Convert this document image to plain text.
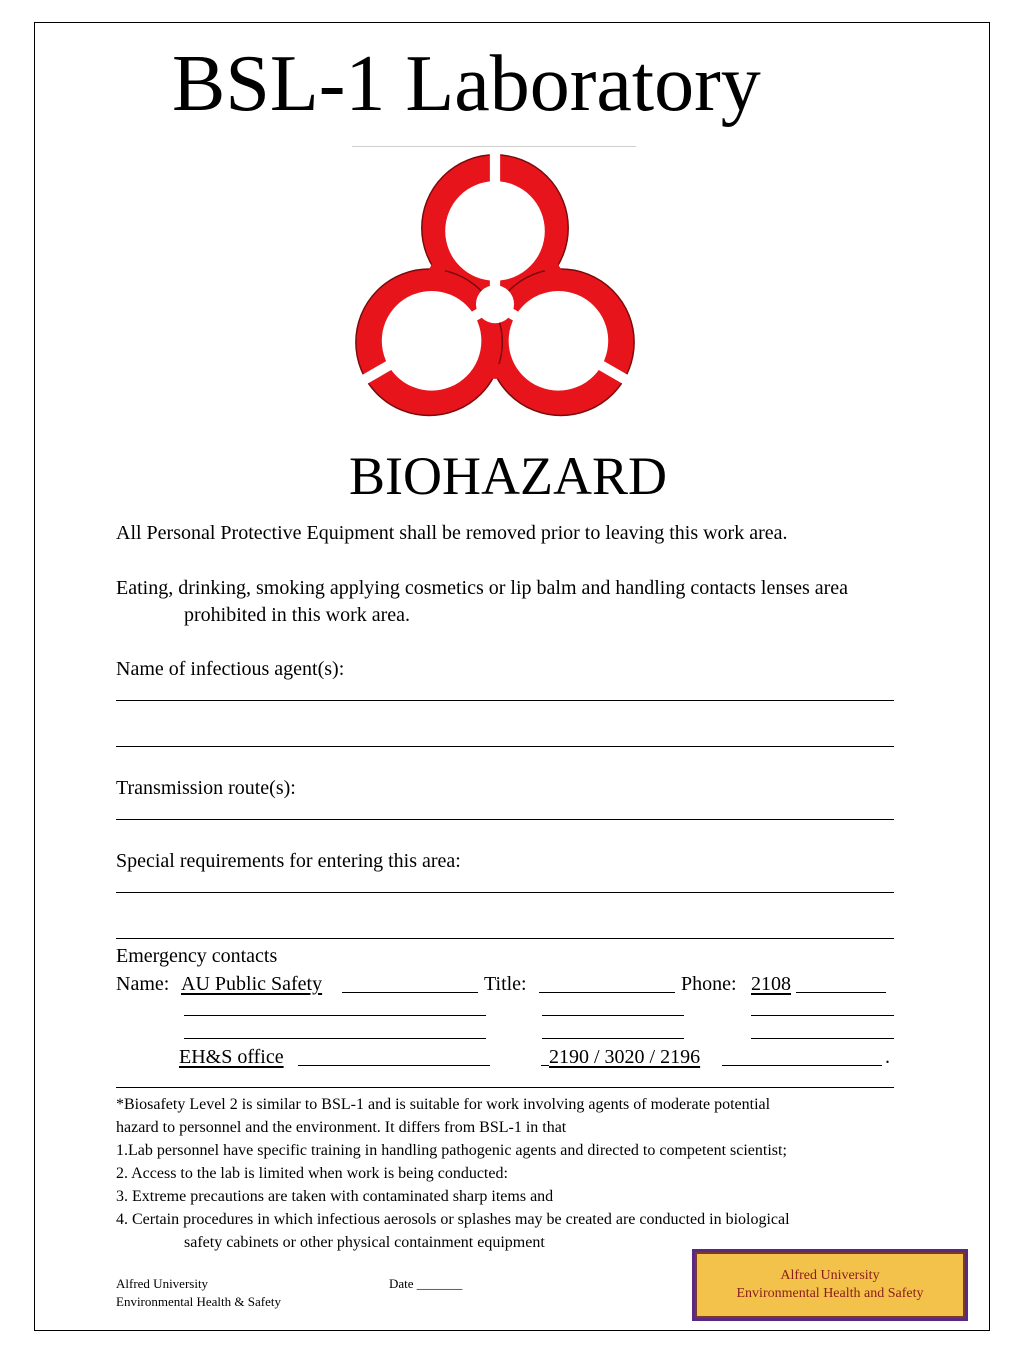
BSL-1 Laboratory
BIOHAZARD
All Personal Protective Equipment shall be removed prior to leaving this work area.
Eating, drinking, smoking applying cosmetics or lip balm and handling contacts lenses area
prohibited in this work area.
Name of infectious agent(s):
Transmission route(s):
Special requirements for entering this area:
Emergency contacts
Name: AU Public Safety	Title:	Phone: 2108
EH&S office	2190 / 3020 / 2196	.
*Biosafety Level 2 is similar to BSL-1 and is suitable for work involving agents of moderate potential
hazard to personnel and the environment. It differs from BSL-1 in that
1.Lab personnel have specific training in handling pathogenic agents and directed to competent scientist;
2. Access to the lab is limited when work is being conducted:
3. Extreme precautions are taken with contaminated sharp items and
4. Certain procedures in which infectious aerosols or splashes may be created are conducted in biological
safety cabinets or other physical containment equipment
Alfred University
Environmental Health & Safety
Date _______
Alfred University
Environmental Health and Safety
